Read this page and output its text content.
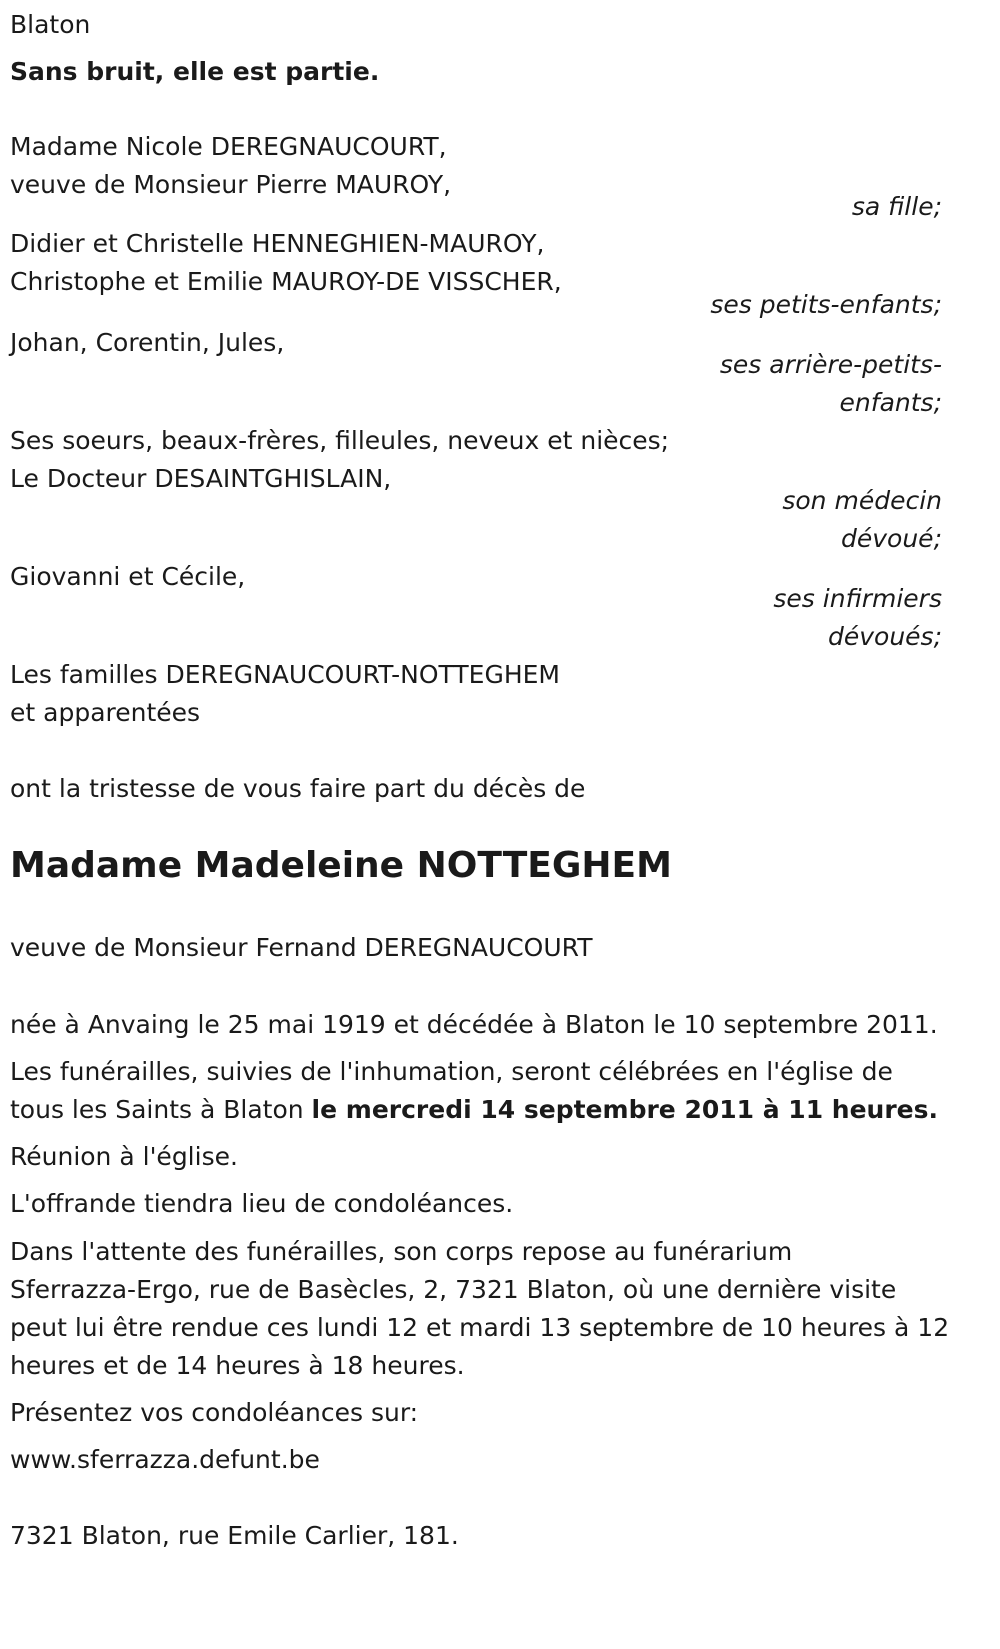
Blaton
Sans bruit, elle est partie.
Madame Nicole DEREGNAUCOURT,
veuve de Monsieur Pierre MAUROY,
sa fille;
Didier et Christelle HENNEGHIEN-MAUROY,
Christophe et Emilie MAUROY-DE VISSCHER,
ses petits-enfants;
Johan, Corentin, Jules,
ses arrière-petits-
enfants;
Ses soeurs, beaux-frères, filleules, neveux et nièces;
Le Docteur DESAINTGHISLAIN,
son médecin
dévoué;
Giovanni et Cécile,
ses infirmiers
dévoués;
Les familles DEREGNAUCOURT-NOTTEGHEM
et apparentées
ont la tristesse de vous faire part du décès de
Madame Madeleine NOTTEGHEM
veuve de Monsieur Fernand DEREGNAUCOURT
née à Anvaing le 25 mai 1919 et décédée à Blaton le 10 septembre 2011.
Les funérailles, suivies de l'inhumation, seront célébrées en l'église de
tous les Saints à Blaton le mercredi 14 septembre 2011 à 11 heures.
Réunion à l'église.
L'offrande tiendra lieu de condoléances.
Dans l'attente des funérailles, son corps repose au funérarium
Sferrazza-Ergo, rue de Basècles, 2, 7321 Blaton, où une dernière visite
peut lui être rendue ces lundi 12 et mardi 13 septembre de 10 heures à 12
heures et de 14 heures à 18 heures.
Présentez vos condoléances sur:
www.sferrazza.defunt.be
7321 Blaton, rue Emile Carlier, 181.
